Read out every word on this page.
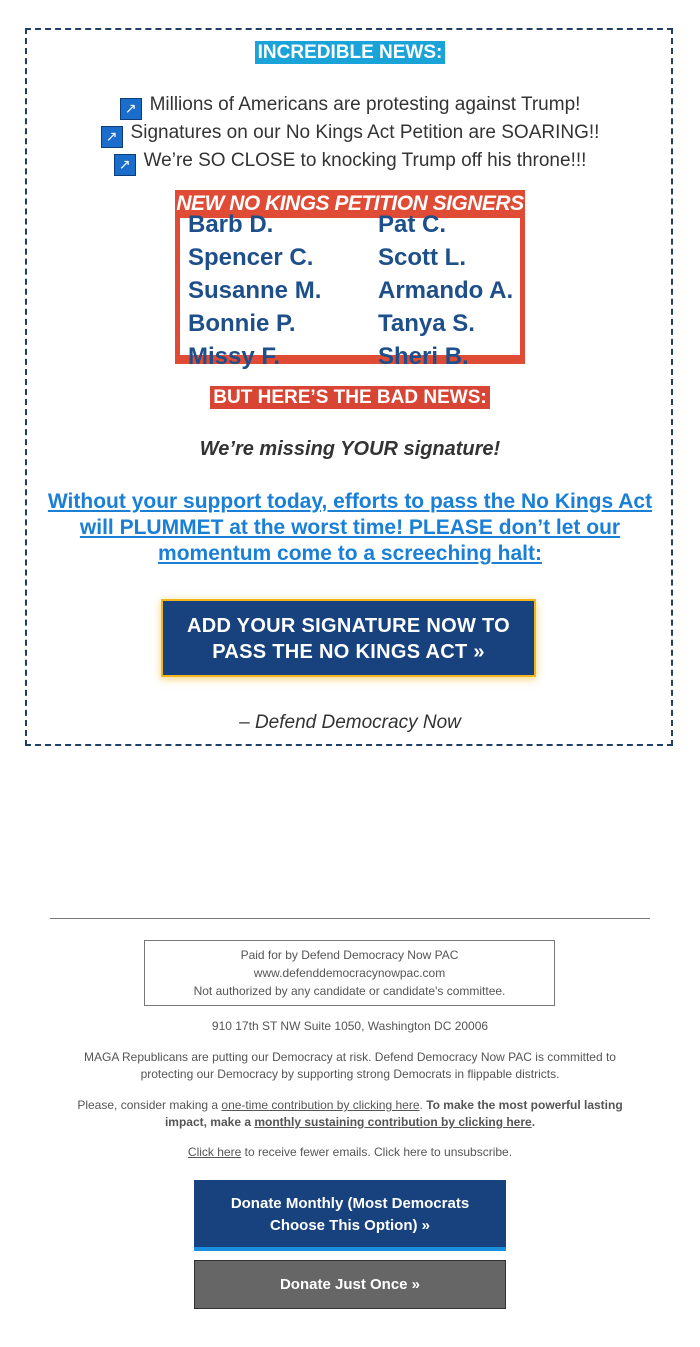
INCREDIBLE NEWS:
↗ Millions of Americans are protesting against Trump!
↗ Signatures on our No Kings Act Petition are SOARING!!
↗ We’re SO CLOSE to knocking Trump off his throne!!!
NEW NO KINGS PETITION SIGNERS
Barb D.	Pat C.
Spencer C.	Scott L.
Susanne M.	Armando A.
Bonnie P.	Tanya S.
Missy F.	Sheri B.
BUT HERE’S THE BAD NEWS:
We’re missing YOUR signature!
Without your support today, efforts to pass the No Kings Act
will PLUMMET at the worst time! PLEASE don’t let our
momentum come to a screeching halt:
ADD YOUR SIGNATURE NOW TO
PASS THE NO KINGS ACT »
– Defend Democracy Now
Paid for by Defend Democracy Now PAC
www.defenddemocracynowpac.com
Not authorized by any candidate or candidate's committee.
910 17th ST NW Suite 1050, Washington DC 20006
MAGA Republicans are putting our Democracy at risk. Defend Democracy Now PAC is committed to
protecting our Democracy by supporting strong Democrats in flippable districts.
Please, consider making a one-time contribution by clicking here. To make the most powerful lasting
impact, make a monthly sustaining contribution by clicking here.
Click here to receive fewer emails. Click here to unsubscribe.
Donate Monthly (Most Democrats
Choose This Option) »
Donate Just Once »
